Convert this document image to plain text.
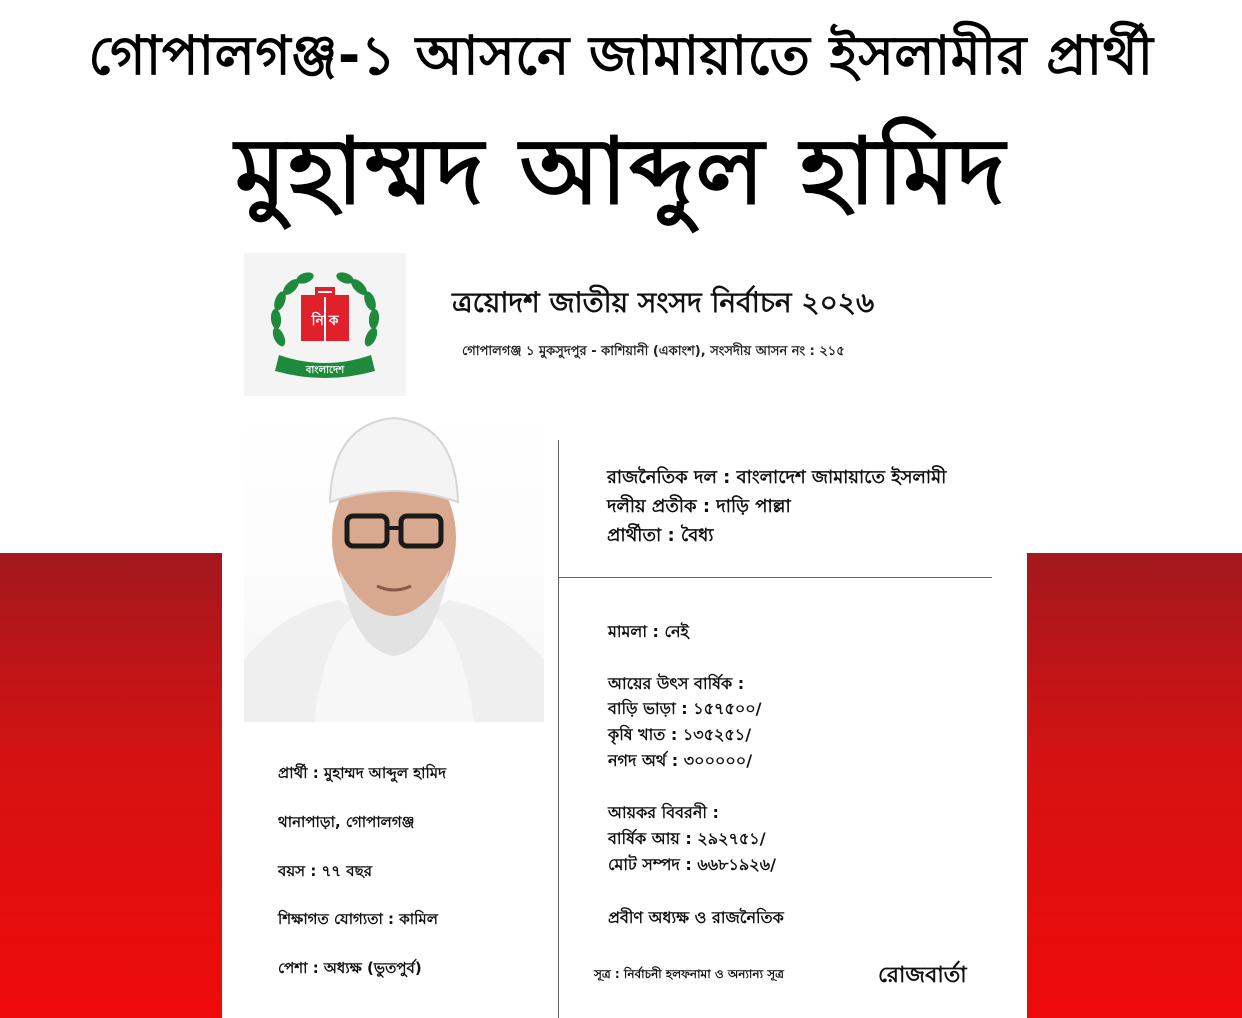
গোপালগঞ্জ-১ আসনে জামায়াতে ইসলামীর প্রার্থী
মুহাম্মদ আব্দুল হামিদ
নি ক
বাংলাদেশ
ত্রয়োদশ জাতীয় সংসদ নির্বাচন ২০২৬
গোপালগঞ্জ ১ মুকসুদপুর - কাশিয়ানী (একাংশ), সংসদীয় আসন নং : ২১৫
রাজনৈতিক দল : বাংলাদেশ জামায়াতে ইসলামী
দলীয় প্রতীক : দাড়ি পাল্লা
প্রার্থীতা : বৈধ্য
মামলা : নেই
আয়ের উৎস বার্ষিক :
বাড়ি ভাড়া : ১৫৭৫০০/
কৃষি খাত : ১৩৫২৫১/
নগদ অর্থ : ৩০০০০০/
আয়কর বিবরনী :
বার্ষিক আয় : ২৯২৭৫১/
মোট সম্পদ : ৬৬৮১৯২৬/
প্রবীণ অধ্যক্ষ ও রাজনৈতিক
প্রার্থী : মুহাম্মদ আব্দুল হামিদ
থানাপাড়া, গোপালগঞ্জ
বয়স : ৭৭ বছর
শিক্ষাগত যোগ্যতা : কামিল
পেশা : অধ্যক্ষ (ভুতপুর্ব)	সূত্র : নির্বাচনী হলফনামা ও অন্যান্য সূত্র	রোজবার্তা
